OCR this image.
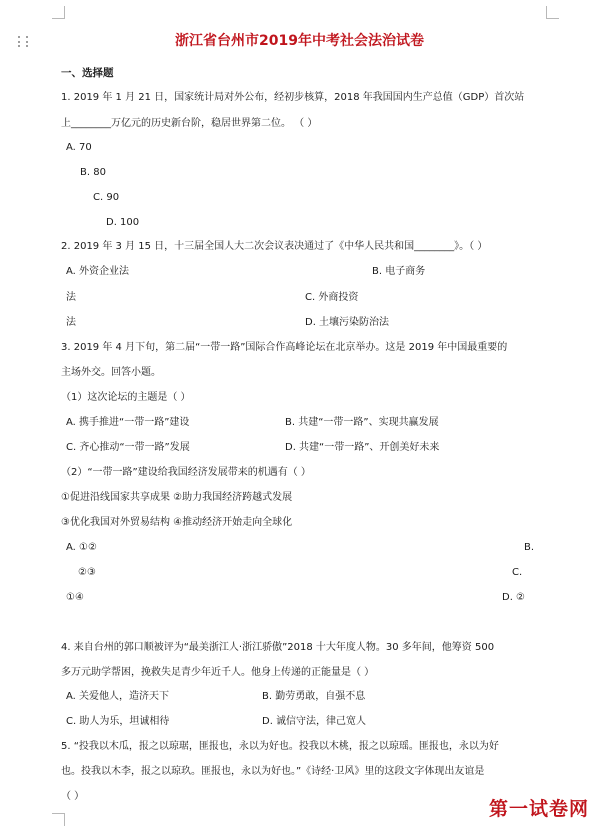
浙江省台州市2019年中考社会法治试卷
一、选择题
1. 2019 年 1 月 21 日，国家统计局对外公布，经初步核算，2018 年我国国内生产总值（GDP）首次站
上________万亿元的历史新台阶，稳居世界第二位。 （ ）
A. 70
B. 80
C. 90
D. 100
2. 2019 年 3 月 15 日，十三届全国人大二次会议表决通过了《中华人民共和国________》。（ ）
A. 外资企业法	B. 电子商务
法	C. 外商投资
法	D. 土壤污染防治法
3. 2019 年 4 月下旬，第二届“一带一路”国际合作高峰论坛在北京举办。这是 2019 年中国最重要的
主场外交。回答小题。
（1）这次论坛的主题是（ ）
A. 携手推进“一带一路”建设	B. 共建“一带一路”、实现共赢发展
C. 齐心推动“一带一路”发展	D. 共建“一带一路”、开创美好未来
（2）“一带一路”建设给我国经济发展带来的机遇有（ ）
①促进沿线国家共享成果 ②助力我国经济跨越式发展
③优化我国对外贸易结构 ④推动经济开始走向全球化
A. ①②	B.
②③	C.
①④	D. ②
4. 来自台州的郭口顺被评为“最美浙江人·浙江骄傲”2018 十大年度人物。30 多年间，他筹资 500
多万元助学帮困，挽救失足青少年近千人。他身上传递的正能量是（ ）
A. 关爱他人，造济天下	B. 勤劳勇敢，自强不息
C. 助人为乐，坦诚相待	D. 诚信守法，律己宽人
5. “投我以木瓜，报之以琼琚，匪报也，永以为好也。投我以木桃，报之以琼瑶。匪报也，永以为好
也。投我以木李，报之以琼玖。匪报也，永以为好也。”《诗经·卫风》里的这段文字体现出友谊是
（ ）
第一试卷网
